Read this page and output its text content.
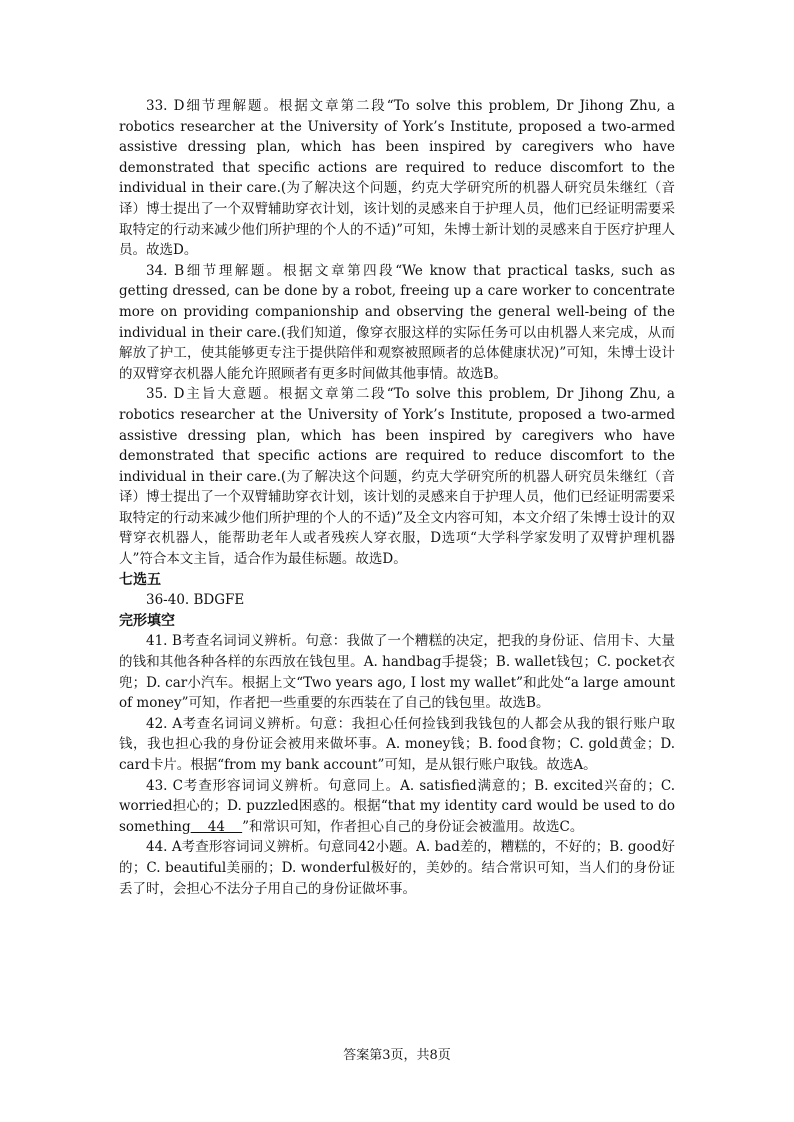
33. D细节理解题。根据文章第二段“To solve this problem, Dr Jihong Zhu, a robotics researcher at the University of York’s Institute, proposed a two-armed assistive dressing plan, which has been inspired by caregivers who have demonstrated that specific actions are required to reduce discomfort to the individual in their care.(为了解决这个问题，约克大学研究所的机器人研究员朱继红（音译）博士提出了一个双臂辅助穿衣计划，该计划的灵感来自于护理人员，他们已经证明需要采取特定的行动来减少他们所护理的个人的不适)”可知，朱博士新计划的灵感来自于医疗护理人员。故选D。

34. B细节理解题。根据文章第四段“We know that practical tasks, such as getting dressed, can be done by a robot, freeing up a care worker to concentrate more on providing companionship and observing the general well-being of the individual in their care.(我们知道，像穿衣服这样的实际任务可以由机器人来完成，从而解放了护工，使其能够更专注于提供陪伴和观察被照顾者的总体健康状况)”可知，朱博士设计的双臂穿衣机器人能允许照顾者有更多时间做其他事情。故选B。

35. D主旨大意题。根据文章第二段“To solve this problem, Dr Jihong Zhu, a robotics researcher at the University of York’s Institute, proposed a two-armed assistive dressing plan, which has been inspired by caregivers who have demonstrated that specific actions are required to reduce discomfort to the individual in their care.(为了解决这个问题，约克大学研究所的机器人研究员朱继红（音译）博士提出了一个双臂辅助穿衣计划，该计划的灵感来自于护理人员，他们已经证明需要采取特定的行动来减少他们所护理的个人的不适)”及全文内容可知，本文介绍了朱博士设计的双臂穿衣机器人，能帮助老年人或者残疾人穿衣服，D选项“大学科学家发明了双臂护理机器人”符合本文主旨，适合作为最佳标题。故选D。

七选五

36-40. BDGFE

完形填空

41. B考查名词词义辨析。句意：我做了一个糟糕的决定，把我的身份证、信用卡、大量的钱和其他各种各样的东西放在钱包里。A. handbag手提袋；B. wallet钱包；C. pocket衣兜；D. car小汽车。根据上文“Two years ago, I lost my wallet”和此处“a large amount of money”可知，作者把一些重要的东西装在了自己的钱包里。故选B。

42. A考查名词词义辨析。句意：我担心任何捡钱到我钱包的人都会从我的银行账户取钱，我也担心我的身份证会被用来做坏事。A. money钱；B. food食物；C. gold黄金；D. card卡片。根据“from my bank account”可知，是从银行账户取钱。故选A。

43. C考查形容词词义辨析。句意同上。A. satisfied满意的；B. excited兴奋的；C. worried担心的；D. puzzled困惑的。根据“that my identity card would be used to do something    44    ”和常识可知，作者担心自己的身份证会被滥用。故选C。

44. A考查形容词词义辨析。句意同42小题。A. bad差的，糟糕的，不好的；B. good好的；C. beautiful美丽的；D. wonderful极好的，美妙的。结合常识可知，当人们的身份证丢了时，会担心不法分子用自己的身份证做坏事。

答案第3页，共8页
